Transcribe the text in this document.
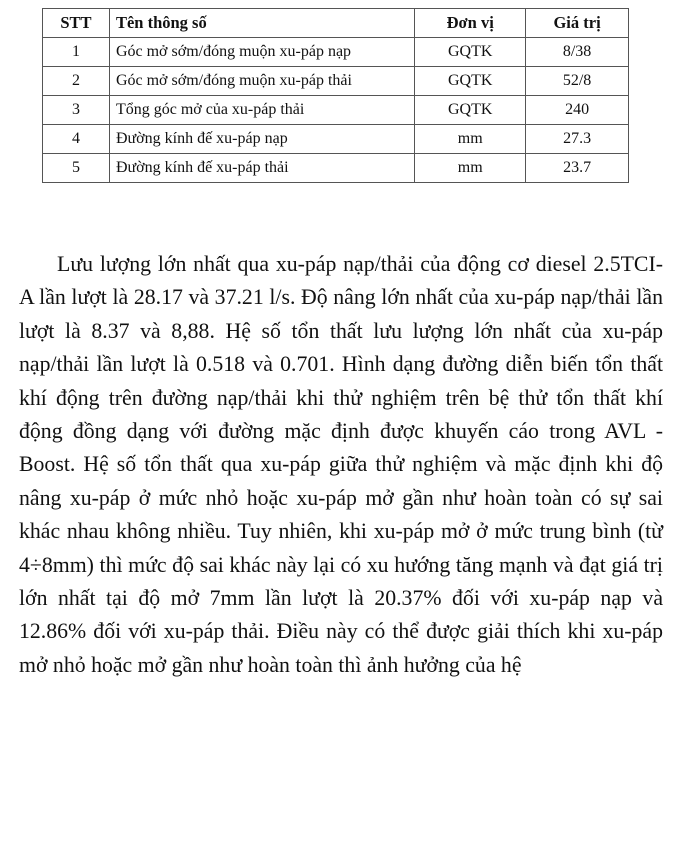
STT	Tên thông số	Đơn vị	Giá trị
1	Góc mở sớm/đóng muộn xu-páp nạp	GQTK	8/38
2	Góc mở sớm/đóng muộn xu-páp thải	GQTK	52/8
3	Tổng góc mở của xu-páp thải	GQTK	240
4	Đường kính đế xu-páp nạp	mm	27.3
5	Đường kính đế xu-páp thải	mm	23.7

Lưu lượng lớn nhất qua xu-páp nạp/thải của động cơ diesel 2.5TCI-A lần lượt là 28.17 và 37.21 l/s. Độ nâng lớn nhất của xu-páp nạp/thải lần lượt là 8.37 và 8,88. Hệ số tổn thất lưu lượng lớn nhất của xu-páp nạp/thải lần lượt là 0.518 và 0.701. Hình dạng đường diễn biến tổn thất khí động trên đường nạp/thải khi thử nghiệm trên bệ thử tổn thất khí động đồng dạng với đường mặc định được khuyến cáo trong AVL - Boost. Hệ số tổn thất qua xu-páp giữa thử nghiệm và mặc định khi độ nâng xu-páp ở mức nhỏ hoặc xu-páp mở gần như hoàn toàn có sự sai khác nhau không nhiều. Tuy nhiên, khi xu-páp mở ở mức trung bình (từ 4÷8mm) thì mức độ sai khác này lại có xu hướng tăng mạnh và đạt giá trị lớn nhất tại độ mở 7mm lần lượt là 20.37% đối với xu-páp nạp và 12.86% đối với xu-páp thải. Điều này có thể được giải thích khi xu-páp mở nhỏ hoặc mở gần như hoàn toàn thì ảnh hưởng của hệ
